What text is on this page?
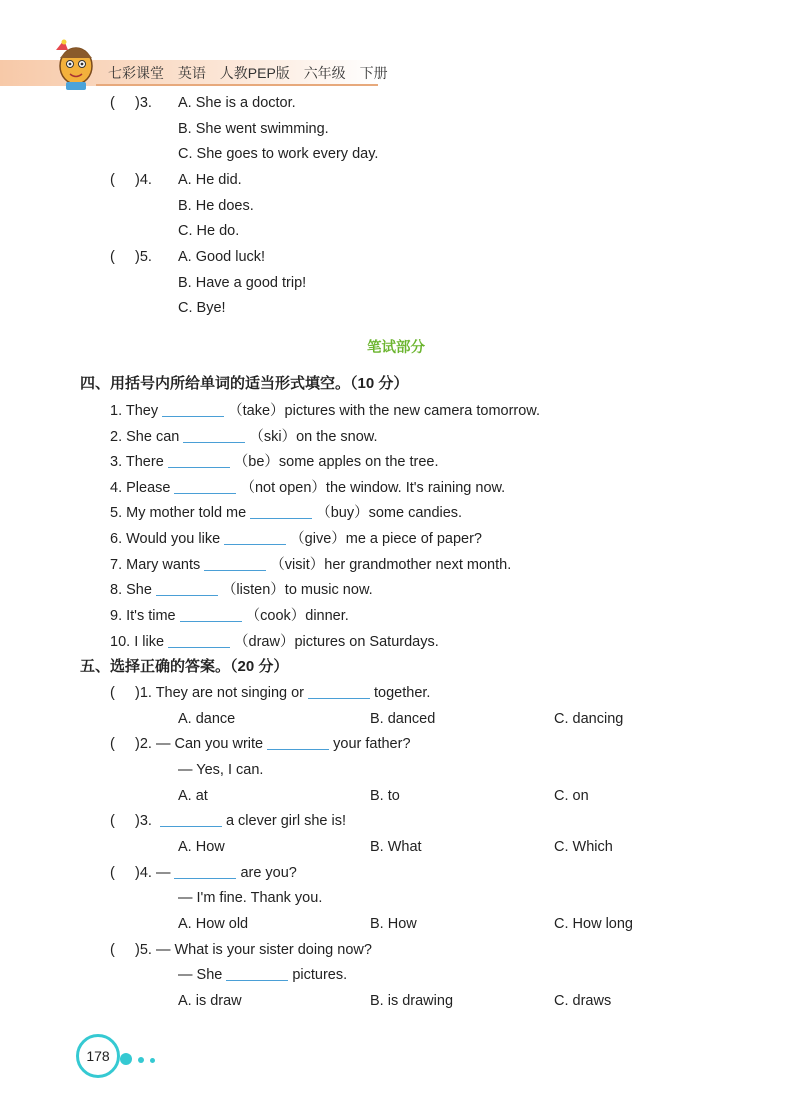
七彩课堂 英语 人教PEP版 六年级 下册
(     )3. A. She is a doctor.
B. She went swimming.
C. She goes to work every day.
(     )4. A. He did.
B. He does.
C. He do.
(     )5. A. Good luck!
B. Have a good trip!
C. Bye!
笔试部分
四、用括号内所给单词的适当形式填空。（10 分）
1. They	（take）pictures with the new camera tomorrow.
2. She can	（ski）on the snow.
3. There	（be）some apples on the tree.
4. Please	（not open）the window. It's raining now.
5. My mother told me	（buy）some candies.
6. Would you like	（give）me a piece of paper?
7. Mary wants	（visit）her grandmother next month.
8. She	（listen）to music now.
9. It's time	（cook）dinner.
10. I like	（draw）pictures on Saturdays.
五、选择正确的答案。（20 分）
(     )1. They are not singing or	together.
A. dance	B. danced	C. dancing
(     )2. — Can you write	your father?
— Yes, I can.
A. at	B. to	C. on
(     )3.	a clever girl she is!
A. How	B. What	C. Which
(     )4. —	are you?
— I'm fine. Thank you.
A. How old	B. How	C. How long
(     )5. — What is your sister doing now?
— She	pictures.
A. is draw	B. is drawing	C. draws
178
